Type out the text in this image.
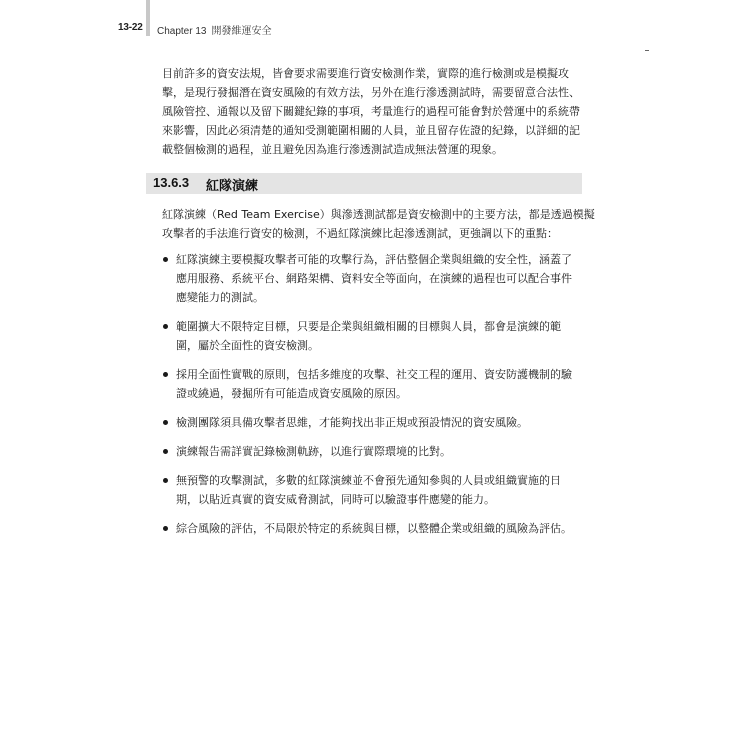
13-22 Chapter 13 開發維運安全
目前許多的資安法規，皆會要求需要進行資安檢測作業，實際的進行檢測或是模擬攻
擊，是現行發掘潛在資安風險的有效方法，另外在進行滲透測試時，需要留意合法性、
風險管控、通報以及留下關鍵紀錄的事項，考量進行的過程可能會對於營運中的系統帶
來影響，因此必須清楚的通知受測範圍相關的人員，並且留存佐證的紀錄，以詳細的記
載整個檢測的過程，並且避免因為進行滲透測試造成無法營運的現象。
13.6.3 紅隊演練
紅隊演練（Red Team Exercise）與滲透測試都是資安檢測中的主要方法，都是透過模擬
攻擊者的手法進行資安的檢測，不過紅隊演練比起滲透測試，更強調以下的重點：
紅隊演練主要模擬攻擊者可能的攻擊行為，評估整個企業與組織的安全性，涵蓋了
應用服務、系統平台、網路架構、資料安全等面向，在演練的過程也可以配合事件
應變能力的測試。
範圍擴大不限特定目標，只要是企業與組織相關的目標與人員，都會是演練的範
圍，屬於全面性的資安檢測。
採用全面性實戰的原則，包括多維度的攻擊、社交工程的運用、資安防護機制的驗
證或繞過，發掘所有可能造成資安風險的原因。
檢測團隊須具備攻擊者思維，才能夠找出非正規或預設情況的資安風險。
演練報告需詳實記錄檢測軌跡，以進行實際環境的比對。
無預警的攻擊測試，多數的紅隊演練並不會預先通知參與的人員或組織實施的日
期，以貼近真實的資安威脅測試，同時可以驗證事件應變的能力。
綜合風險的評估，不局限於特定的系統與目標，以整體企業或組織的風險為評估。
